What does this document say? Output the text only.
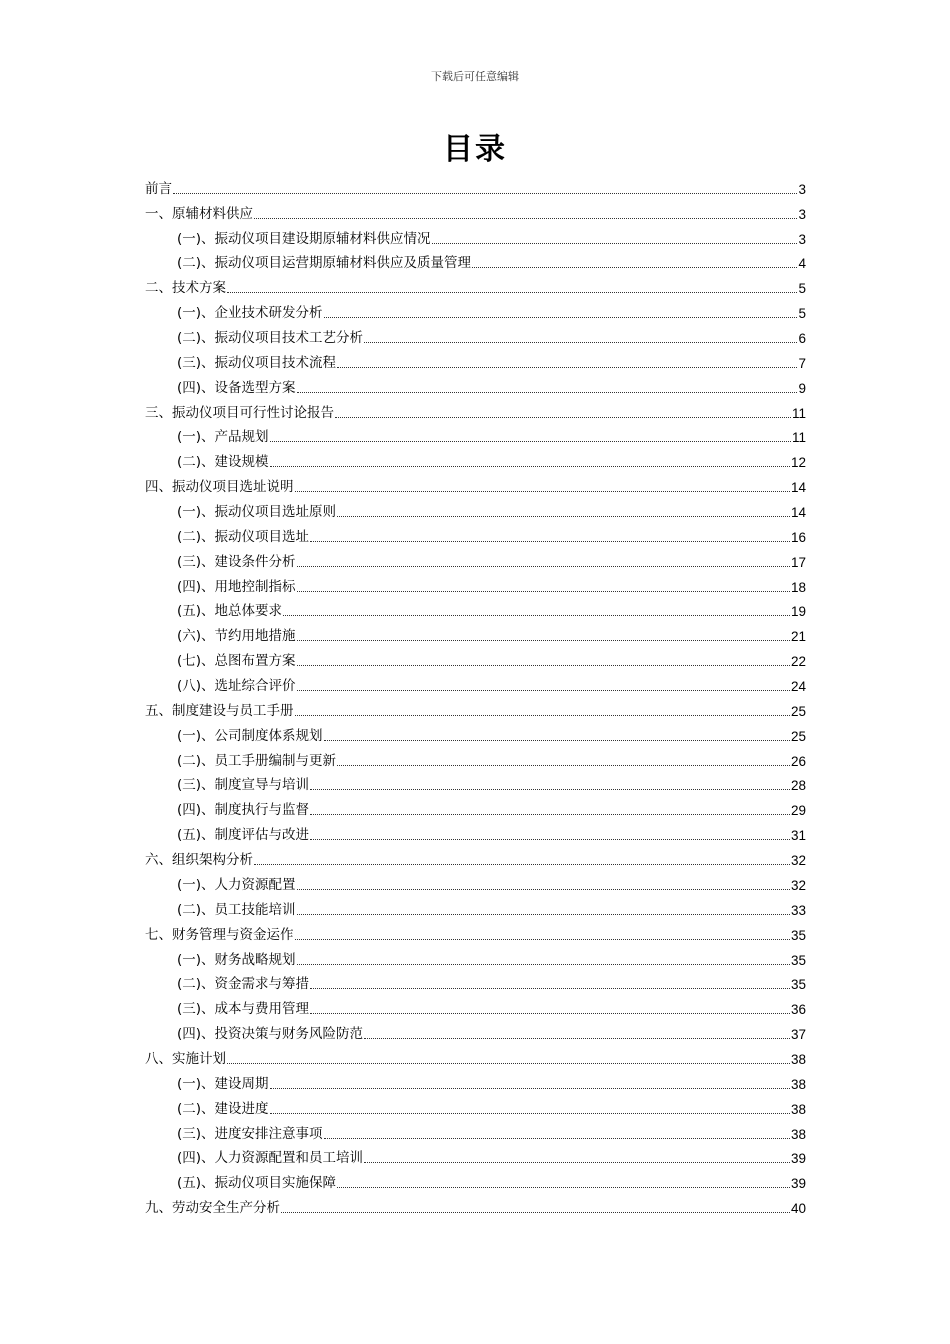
下载后可任意编辑
目录
前言	3
一、原辅材料供应	3
(一)、振动仪项目建设期原辅材料供应情况	3
(二)、振动仪项目运营期原辅材料供应及质量管理	4
二、技术方案	5
(一)、企业技术研发分析	5
(二)、振动仪项目技术工艺分析	6
(三)、振动仪项目技术流程	7
(四)、设备选型方案	9
三、振动仪项目可行性讨论报告	11
(一)、产品规划	11
(二)、建设规模	12
四、振动仪项目选址说明	14
(一)、振动仪项目选址原则	14
(二)、振动仪项目选址	16
(三)、建设条件分析	17
(四)、用地控制指标	18
(五)、地总体要求	19
(六)、节约用地措施	21
(七)、总图布置方案	22
(八)、选址综合评价	24
五、制度建设与员工手册	25
(一)、公司制度体系规划	25
(二)、员工手册编制与更新	26
(三)、制度宣导与培训	28
(四)、制度执行与监督	29
(五)、制度评估与改进	31
六、组织架构分析	32
(一)、人力资源配置	32
(二)、员工技能培训	33
七、财务管理与资金运作	35
(一)、财务战略规划	35
(二)、资金需求与筹措	35
(三)、成本与费用管理	36
(四)、投资决策与财务风险防范	37
八、实施计划	38
(一)、建设周期	38
(二)、建设进度	38
(三)、进度安排注意事项	38
(四)、人力资源配置和员工培训	39
(五)、振动仪项目实施保障	39
九、劳动安全生产分析	40
